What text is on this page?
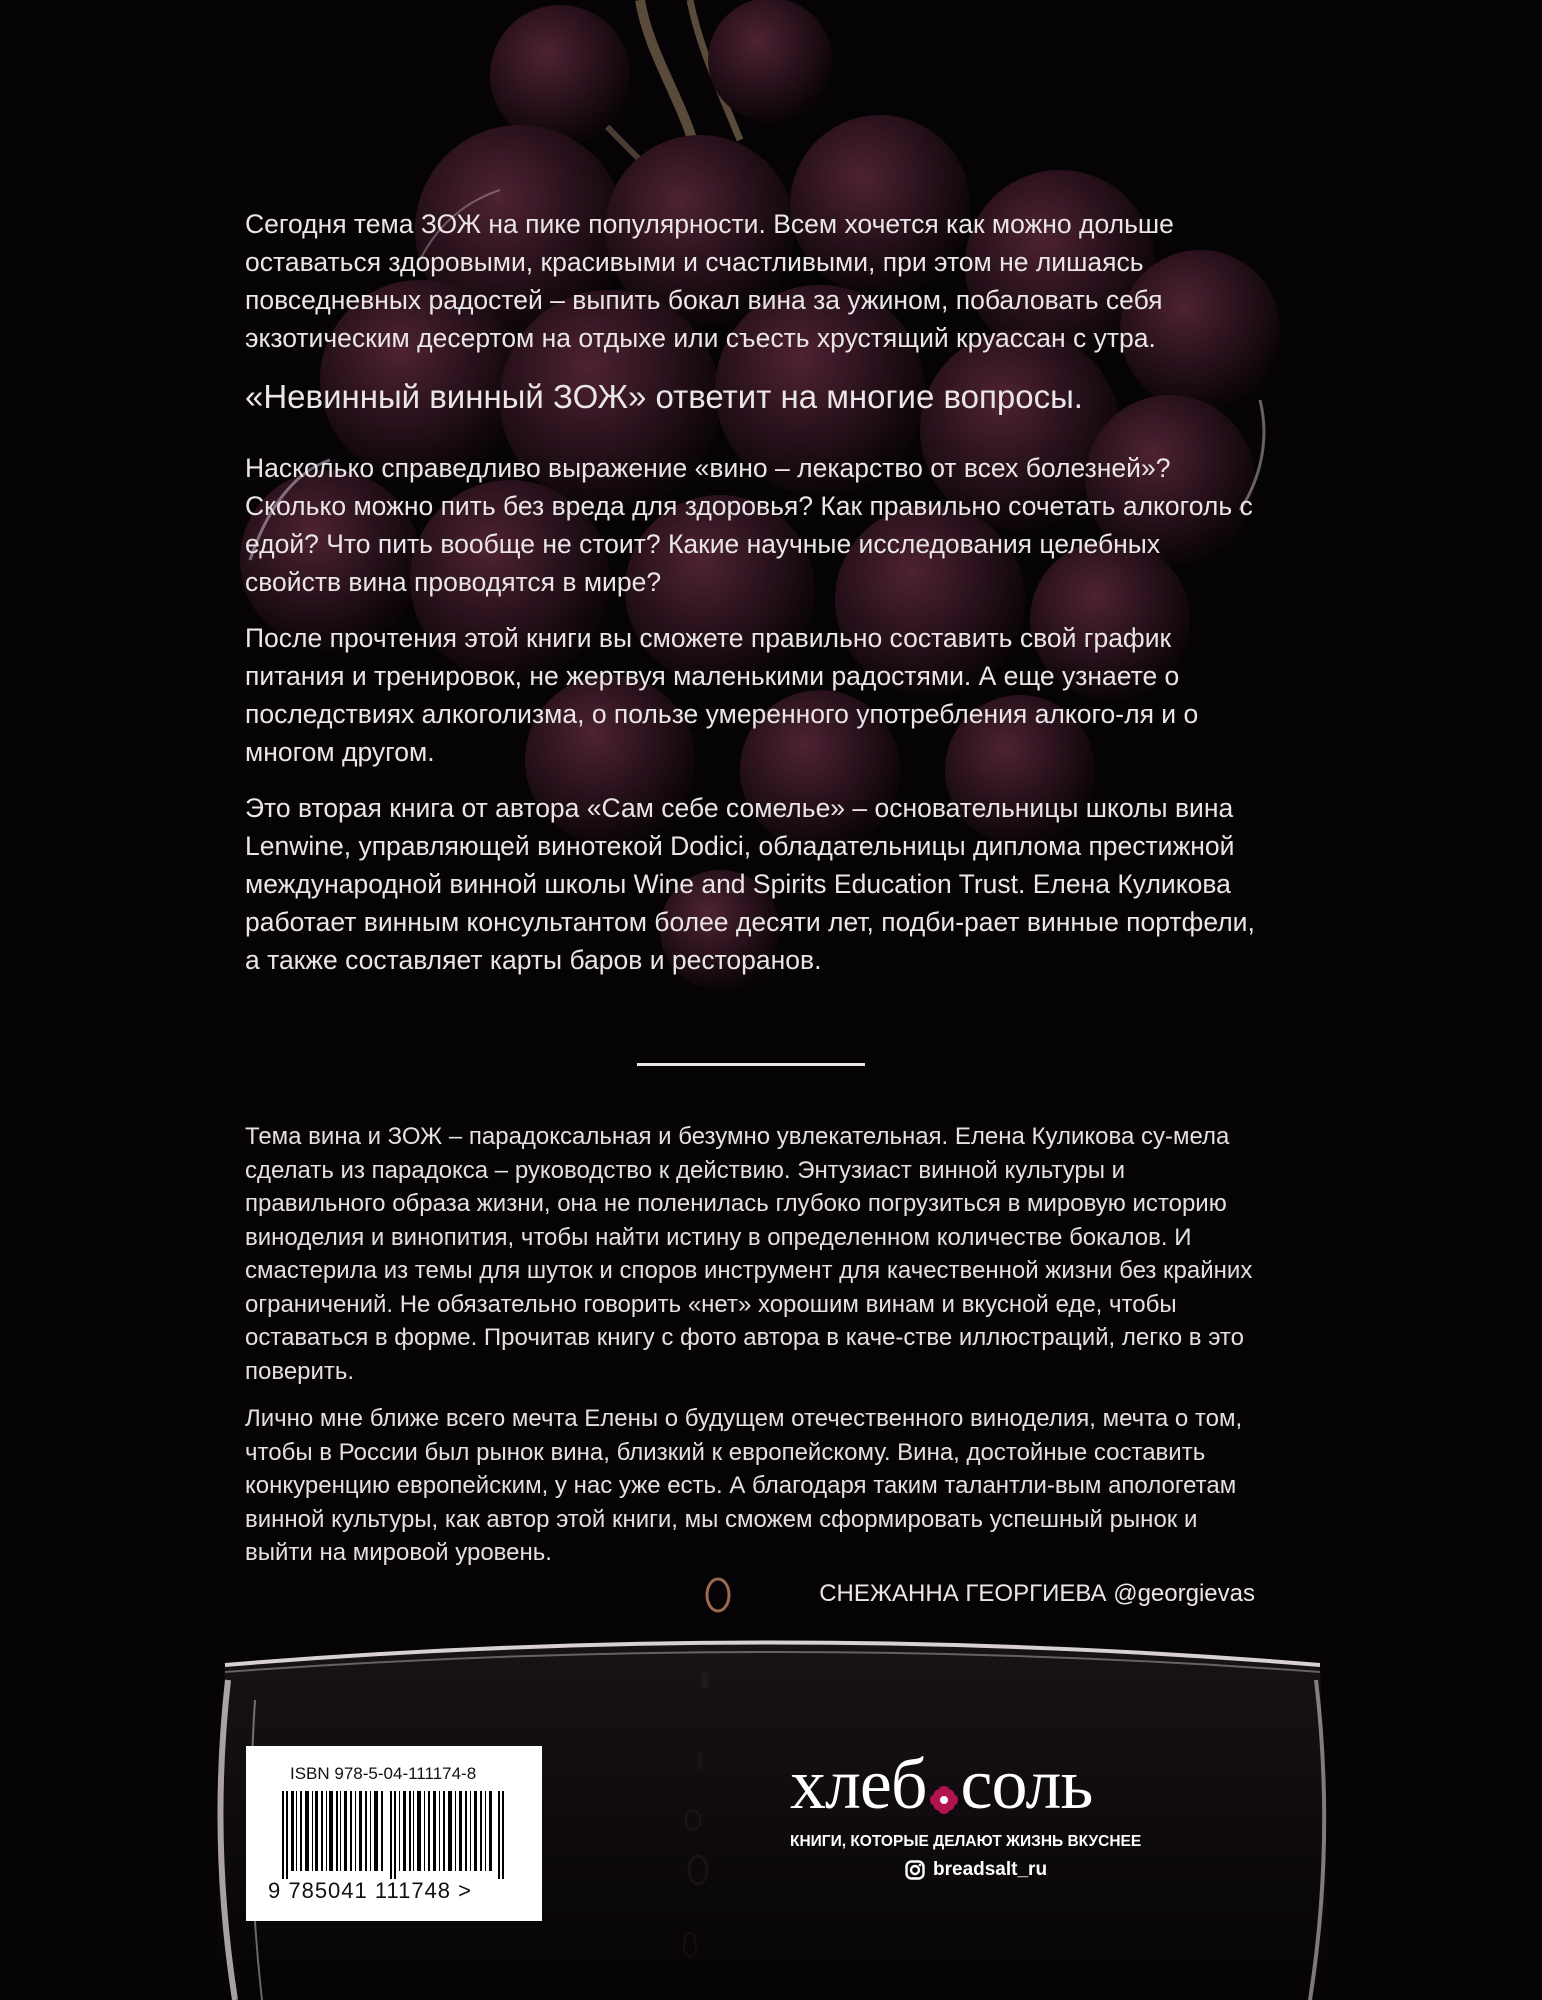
Сегодня тема ЗОЖ на пике популярности. Всем хочется как можно дольше оставаться здоровыми, красивыми и счастливыми, при этом не лишаясь повседневных радостей – выпить бокал вина за ужином, побаловать себя экзотическим десертом на отдыхе или съесть хрустящий круассан с утра.

«Невинный винный ЗОЖ» ответит на многие вопросы.

Насколько справедливо выражение «вино – лекарство от всех болезней»? Сколько можно пить без вреда для здоровья? Как правильно сочетать алкоголь с едой? Что пить вообще не стоит? Какие научные исследования целебных свойств вина проводятся в мире?

После прочтения этой книги вы сможете правильно составить свой график питания и тренировок, не жертвуя маленькими радостями. А еще узнаете о последствиях алкоголизма, о пользе умеренного употребления алкого-ля и о многом другом.

Это вторая книга от автора «Сам себе сомелье» – основательницы школы вина Lenwine, управляющей винотекой Dodici, обладательницы диплома престижной международной винной школы Wine and Spirits Education Trust. Елена Куликова работает винным консультантом более десяти лет, подби-рает винные портфели, а также составляет карты баров и ресторанов.

Тема вина и ЗОЖ – парадоксальная и безумно увлекательная. Елена Куликова су-мела сделать из парадокса – руководство к действию. Энтузиаст винной культуры и правильного образа жизни, она не поленилась глубоко погрузиться в мировую историю виноделия и винопития, чтобы найти истину в определенном количестве бокалов. И смастерила из темы для шуток и споров инструмент для качественной жизни без крайних ограничений. Не обязательно говорить «нет» хорошим винам и вкусной еде, чтобы оставаться в форме. Прочитав книгу с фото автора в каче-стве иллюстраций, легко в это поверить.

Лично мне ближе всего мечта Елены о будущем отечественного виноделия, мечта о том, чтобы в России был рынок вина, близкий к европейскому. Вина, достойные составить конкуренцию европейским, у нас уже есть. А благодаря таким талантли-вым апологетам винной культуры, как автор этой книги, мы сможем сформировать успешный рынок и выйти на мировой уровень.

СНЕЖАННА ГЕОРГИЕВА @georgievas
ISBN 978-5-04-111174-8
9 785041 111748 >
хлеб соль
КНИГИ, КОТОРЫЕ ДЕЛАЮТ ЖИЗНЬ ВКУСНЕЕ
breadsalt_ru
